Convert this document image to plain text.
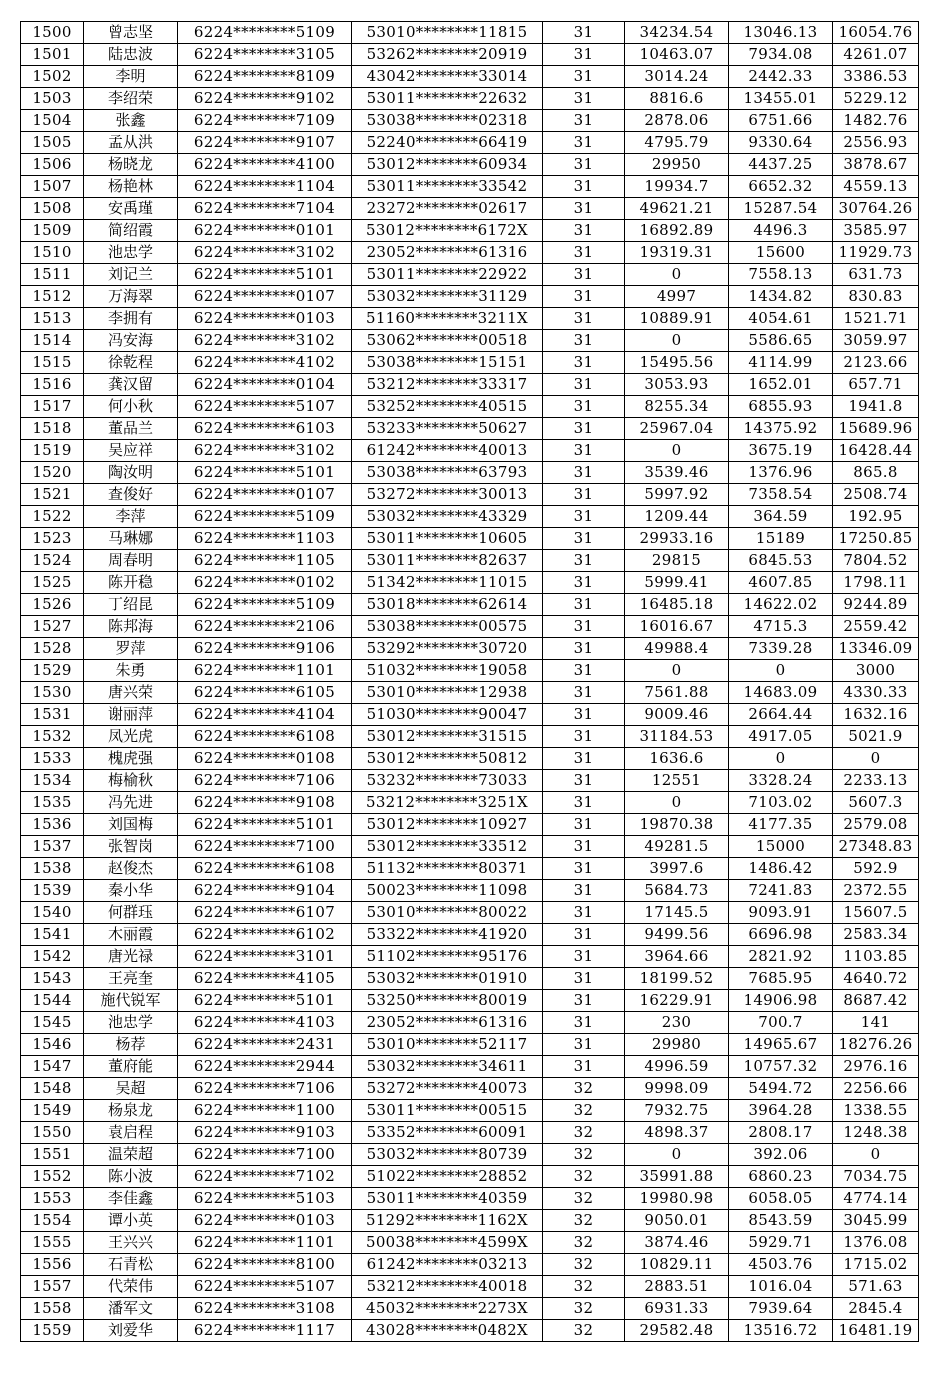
1500	曾志坚	6224********5109	53010********11815	31	34234.54	13046.13	16054.76
1501	陆忠波	6224********3105	53262********20919	31	10463.07	7934.08	4261.07
1502	李明	6224********8109	43042********33014	31	3014.24	2442.33	3386.53
1503	李绍荣	6224********9102	53011********22632	31	8816.6	13455.01	5229.12
1504	张鑫	6224********7109	53038********02318	31	2878.06	6751.66	1482.76
1505	孟从洪	6224********9107	52240********66419	31	4795.79	9330.64	2556.93
1506	杨晓龙	6224********4100	53012********60934	31	29950	4437.25	3878.67
1507	杨艳林	6224********1104	53011********33542	31	19934.7	6652.32	4559.13
1508	安禹瑾	6224********7104	23272********02617	31	49621.21	15287.54	30764.26
1509	简绍霞	6224********0101	53012********6172X	31	16892.89	4496.3	3585.97
1510	池忠学	6224********3102	23052********61316	31	19319.31	15600	11929.73
1511	刘记兰	6224********5101	53011********22922	31	0	7558.13	631.73
1512	万海翠	6224********0107	53032********31129	31	4997	1434.82	830.83
1513	李拥有	6224********0103	51160********3211X	31	10889.91	4054.61	1521.71
1514	冯安海	6224********3102	53062********00518	31	0	5586.65	3059.97
1515	徐乾程	6224********4102	53038********15151	31	15495.56	4114.99	2123.66
1516	龚汉留	6224********0104	53212********33317	31	3053.93	1652.01	657.71
1517	何小秋	6224********5107	53252********40515	31	8255.34	6855.93	1941.8
1518	董品兰	6224********6103	53233********50627	31	25967.04	14375.92	15689.96
1519	吴应祥	6224********3102	61242********40013	31	0	3675.19	16428.44
1520	陶汝明	6224********5101	53038********63793	31	3539.46	1376.96	865.8
1521	查俊好	6224********0107	53272********30013	31	5997.92	7358.54	2508.74
1522	李萍	6224********5109	53032********43329	31	1209.44	364.59	192.95
1523	马琳娜	6224********1103	53011********10605	31	29933.16	15189	17250.85
1524	周春明	6224********1105	53011********82637	31	29815	6845.53	7804.52
1525	陈开稳	6224********0102	51342********11015	31	5999.41	4607.85	1798.11
1526	丁绍昆	6224********5109	53018********62614	31	16485.18	14622.02	9244.89
1527	陈邦海	6224********2106	53038********00575	31	16016.67	4715.3	2559.42
1528	罗萍	6224********9106	53292********30720	31	49988.4	7339.28	13346.09
1529	朱勇	6224********1101	51032********19058	31	0	0	3000
1530	唐兴荣	6224********6105	53010********12938	31	7561.88	14683.09	4330.33
1531	谢丽萍	6224********4104	51030********90047	31	9009.46	2664.44	1632.16
1532	凤光虎	6224********6108	53012********31515	31	31184.53	4917.05	5021.9
1533	槐虎强	6224********0108	53012********50812	31	1636.6	0	0
1534	梅榆秋	6224********7106	53232********73033	31	12551	3328.24	2233.13
1535	冯先进	6224********9108	53212********3251X	31	0	7103.02	5607.3
1536	刘国梅	6224********5101	53012********10927	31	19870.38	4177.35	2579.08
1537	张智岗	6224********7100	53012********33512	31	49281.5	15000	27348.83
1538	赵俊杰	6224********6108	51132********80371	31	3997.6	1486.42	592.9
1539	秦小华	6224********9104	50023********11098	31	5684.73	7241.83	2372.55
1540	何群珏	6224********6107	53010********80022	31	17145.5	9093.91	15607.5
1541	木丽霞	6224********6102	53322********41920	31	9499.56	6696.98	2583.34
1542	唐光禄	6224********3101	51102********95176	31	3964.66	2821.92	1103.85
1543	王亮奎	6224********4105	53032********01910	31	18199.52	7685.95	4640.72
1544	施代锐军	6224********5101	53250********80019	31	16229.91	14906.98	8687.42
1545	池忠学	6224********4103	23052********61316	31	230	700.7	141
1546	杨荐	6224********2431	53010********52117	31	29980	14965.67	18276.26
1547	董府能	6224********2944	53032********34611	31	4996.59	10757.32	2976.16
1548	吴超	6224********7106	53272********40073	32	9998.09	5494.72	2256.66
1549	杨泉龙	6224********1100	53011********00515	32	7932.75	3964.28	1338.55
1550	袁启程	6224********9103	53352********60091	32	4898.37	2808.17	1248.38
1551	温荣超	6224********7100	53032********80739	32	0	392.06	0
1552	陈小波	6224********7102	51022********28852	32	35991.88	6860.23	7034.75
1553	李佳鑫	6224********5103	53011********40359	32	19980.98	6058.05	4774.14
1554	谭小英	6224********0103	51292********1162X	32	9050.01	8543.59	3045.99
1555	王兴兴	6224********1101	50038********4599X	32	3874.46	5929.71	1376.08
1556	石青松	6224********8100	61242********03213	32	10829.11	4503.76	1715.02
1557	代荣伟	6224********5107	53212********40018	32	2883.51	1016.04	571.63
1558	潘军文	6224********3108	45032********2273X	32	6931.33	7939.64	2845.4
1559	刘爱华	6224********1117	43028********0482X	32	29582.48	13516.72	16481.19
